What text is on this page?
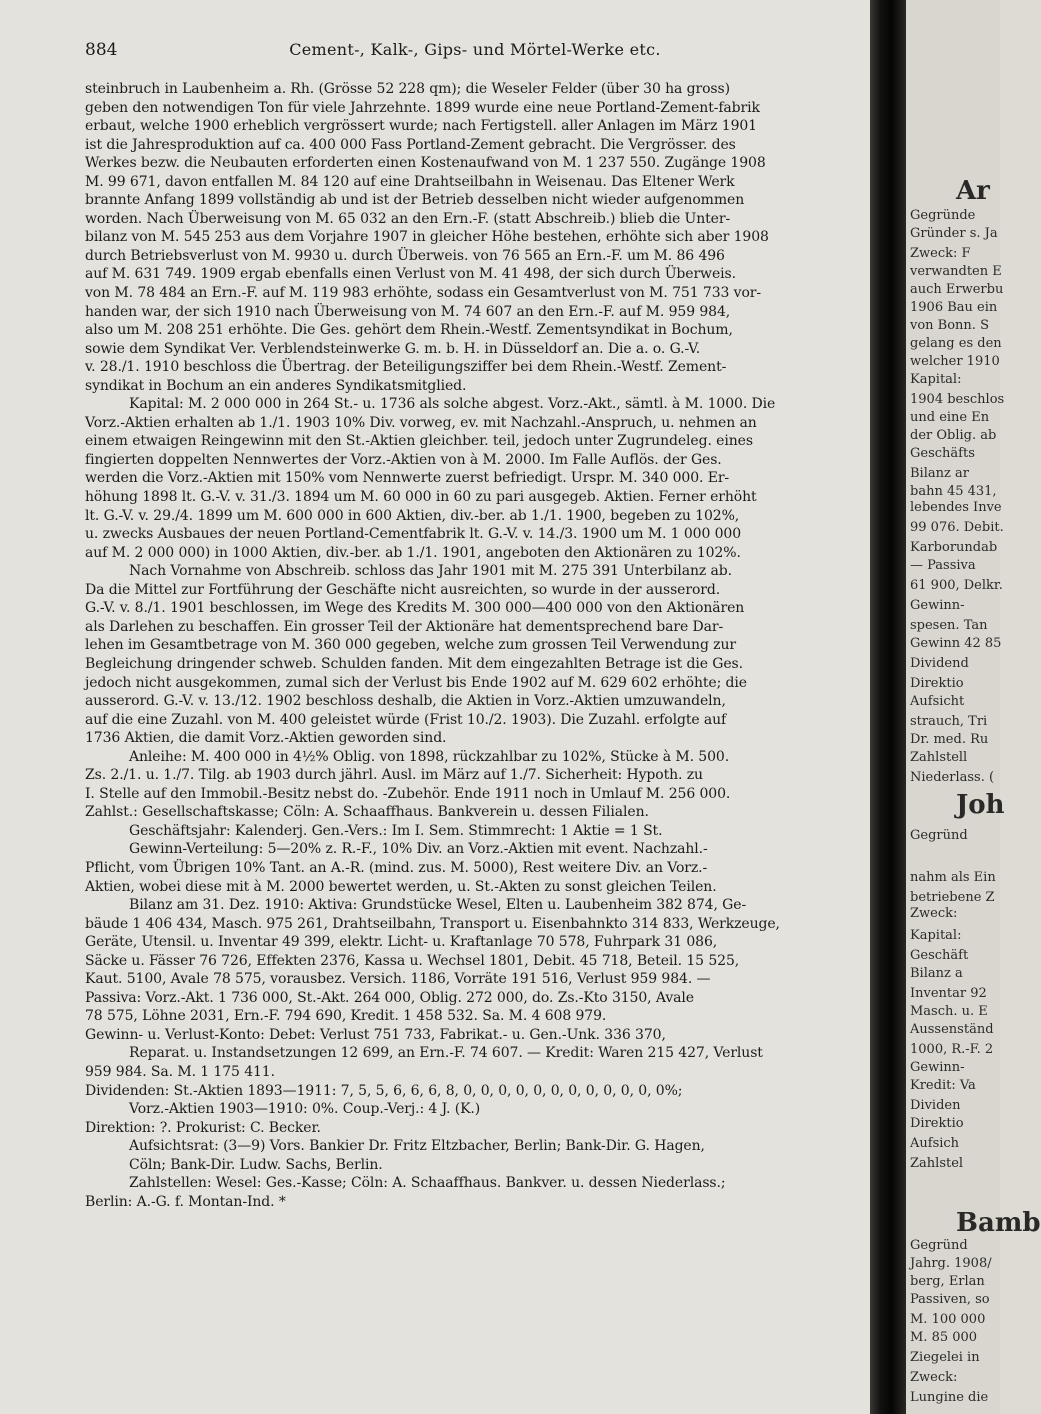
884	Cement-, Kalk-, Gips- und Mörtel-Werke etc.
steinbruch in Laubenheim a. Rh. (Grösse 52 228 qm); die Weseler Felder (über 30 ha gross)
geben den notwendigen Ton für viele Jahrzehnte. 1899 wurde eine neue Portland-Zement-fabrik
erbaut, welche 1900 erheblich vergrössert wurde; nach Fertigstell. aller Anlagen im März 1901
ist die Jahresproduktion auf ca. 400 000 Fass Portland-Zement gebracht. Die Vergrösser. des
Werkes bezw. die Neubauten erforderten einen Kostenaufwand von M. 1 237 550. Zugänge 1908
M. 99 671, davon entfallen M. 84 120 auf eine Drahtseilbahn in Weisenau. Das Eltener Werk
brannte Anfang 1899 vollständig ab und ist der Betrieb desselben nicht wieder aufgenommen
worden. Nach Überweisung von M. 65 032 an den Ern.-F. (statt Abschreib.) blieb die Unter-
bilanz von M. 545 253 aus dem Vorjahre 1907 in gleicher Höhe bestehen, erhöhte sich aber 1908
durch Betriebsverlust von M. 9930 u. durch Überweis. von 76 565 an Ern.-F. um M. 86 496
auf M. 631 749. 1909 ergab ebenfalls einen Verlust von M. 41 498, der sich durch Überweis.
von M. 78 484 an Ern.-F. auf M. 119 983 erhöhte, sodass ein Gesamtverlust von M. 751 733 vor-
handen war, der sich 1910 nach Überweisung von M. 74 607 an den Ern.-F. auf M. 959 984,
also um M. 208 251 erhöhte. Die Ges. gehört dem Rhein.-Westf. Zementsyndikat in Bochum,
sowie dem Syndikat Ver. Verblendsteinwerke G. m. b. H. in Düsseldorf an. Die a. o. G.-V.
v. 28./1. 1910 beschloss die Übertrag. der Beteiligungsziffer bei dem Rhein.-Westf. Zement-
syndikat in Bochum an ein anderes Syndikatsmitglied.
Kapital: M. 2 000 000 in 264 St.- u. 1736 als solche abgest. Vorz.-Akt., sämtl. à M. 1000. Die
Vorz.-Aktien erhalten ab 1./1. 1903 10% Div. vorweg, ev. mit Nachzahl.-Anspruch, u. nehmen an
einem etwaigen Reingewinn mit den St.-Aktien gleichber. teil, jedoch unter Zugrundeleg. eines
fingierten doppelten Nennwertes der Vorz.-Aktien von à M. 2000. Im Falle Auflös. der Ges.
werden die Vorz.-Aktien mit 150% vom Nennwerte zuerst befriedigt. Urspr. M. 340 000. Er-
höhung 1898 lt. G.-V. v. 31./3. 1894 um M. 60 000 in 60 zu pari ausgegeb. Aktien. Ferner erhöht
lt. G.-V. v. 29./4. 1899 um M. 600 000 in 600 Aktien, div.-ber. ab 1./1. 1900, begeben zu 102%,
u. zwecks Ausbaues der neuen Portland-Cementfabrik lt. G.-V. v. 14./3. 1900 um M. 1 000 000
auf M. 2 000 000) in 1000 Aktien, div.-ber. ab 1./1. 1901, angeboten den Aktionären zu 102%.
Nach Vornahme von Abschreib. schloss das Jahr 1901 mit M. 275 391 Unterbilanz ab.
Da die Mittel zur Fortführung der Geschäfte nicht ausreichten, so wurde in der ausserord.
G.-V. v. 8./1. 1901 beschlossen, im Wege des Kredits M. 300 000—400 000 von den Aktionären
als Darlehen zu beschaffen. Ein grosser Teil der Aktionäre hat dementsprechend bare Dar-
lehen im Gesamtbetrage von M. 360 000 gegeben, welche zum grossen Teil Verwendung zur
Begleichung dringender schweb. Schulden fanden. Mit dem eingezahlten Betrage ist die Ges.
jedoch nicht ausgekommen, zumal sich der Verlust bis Ende 1902 auf M. 629 602 erhöhte; die
ausserord. G.-V. v. 13./12. 1902 beschloss deshalb, die Aktien in Vorz.-Aktien umzuwandeln,
auf die eine Zuzahl. von M. 400 geleistet würde (Frist 10./2. 1903). Die Zuzahl. erfolgte auf
1736 Aktien, die damit Vorz.-Aktien geworden sind.
Anleihe: M. 400 000 in 4½% Oblig. von 1898, rückzahlbar zu 102%, Stücke à M. 500.
Zs. 2./1. u. 1./7. Tilg. ab 1903 durch jährl. Ausl. im März auf 1./7. Sicherheit: Hypoth. zu
I. Stelle auf den Immobil.-Besitz nebst do. -Zubehör. Ende 1911 noch in Umlauf M. 256 000.
Zahlst.: Gesellschaftskasse; Cöln: A. Schaaffhaus. Bankverein u. dessen Filialen.
Geschäftsjahr: Kalenderj. Gen.-Vers.: Im I. Sem. Stimmrecht: 1 Aktie = 1 St.
Gewinn-Verteilung: 5—20% z. R.-F., 10% Div. an Vorz.-Aktien mit event. Nachzahl.-
Pflicht, vom Übrigen 10% Tant. an A.-R. (mind. zus. M. 5000), Rest weitere Div. an Vorz.-
Aktien, wobei diese mit à M. 2000 bewertet werden, u. St.-Akten zu sonst gleichen Teilen.
Bilanz am 31. Dez. 1910: Aktiva: Grundstücke Wesel, Elten u. Laubenheim 382 874, Ge-
bäude 1 406 434, Masch. 975 261, Drahtseilbahn, Transport u. Eisenbahnkto 314 833, Werkzeuge,
Geräte, Utensil. u. Inventar 49 399, elektr. Licht- u. Kraftanlage 70 578, Fuhrpark 31 086,
Säcke u. Fässer 76 726, Effekten 2376, Kassa u. Wechsel 1801, Debit. 45 718, Beteil. 15 525,
Kaut. 5100, Avale 78 575, vorausbez. Versich. 1186, Vorräte 191 516, Verlust 959 984. —
Passiva: Vorz.-Akt. 1 736 000, St.-Akt. 264 000, Oblig. 272 000, do. Zs.-Kto 3150, Avale
78 575, Löhne 2031, Ern.-F. 794 690, Kredit. 1 458 532. Sa. M. 4 608 979.
Gewinn- u. Verlust-Konto: Debet: Verlust 751 733, Fabrikat.- u. Gen.-Unk. 336 370,
Reparat. u. Instandsetzungen 12 699, an Ern.-F. 74 607. — Kredit: Waren 215 427, Verlust
959 984. Sa. M. 1 175 411.
Dividenden: St.-Aktien 1893—1911: 7, 5, 5, 6, 6, 6, 8, 0, 0, 0, 0, 0, 0, 0, 0, 0, 0, 0, 0%;
Vorz.-Aktien 1903—1910: 0%. Coup.-Verj.: 4 J. (K.)
Direktion: ?. Prokurist: C. Becker.
Aufsichtsrat: (3—9) Vors. Bankier Dr. Fritz Eltzbacher, Berlin; Bank-Dir. G. Hagen,
Cöln; Bank-Dir. Ludw. Sachs, Berlin.
Zahlstellen: Wesel: Ges.-Kasse; Cöln: A. Schaaffhaus. Bankver. u. dessen Niederlass.;
Berlin: A.-G. f. Montan-Ind. *
Ar
Gegründe
Gründer s. Ja
Zweck: F
verwandten E
auch Erwerbu
1906 Bau ein
von Bonn. S
gelang es den
welcher 1910
Kapital:
1904 beschlos
und eine En
der Oblig. ab
Geschäfts
Bilanz ar
bahn 45 431,
lebendes Inve
99 076. Debit.
Karborundab
— Passiva
61 900, Delkr.
Gewinn-
spesen. Tan
Gewinn 42 85
Dividend
Direktio
Aufsicht
strauch, Tri
Dr. med. Ru
Zahlstell
Niederlass. (
Joh
Gegründ
nahm als Ein
betriebene Z
Zweck:
Kapital:
Geschäft
Bilanz a
Inventar 92
Masch. u. E
Aussenständ
1000, R.-F. 2
Gewinn-
Kredit: Va
Dividen
Direktio
Aufsich
Zahlstel
Bamb
Gegründ
Jahrg. 1908/
berg, Erlan
Passiven, so
M. 100 000
M. 85 000
Ziegelei in
Zweck:
Lungine die
